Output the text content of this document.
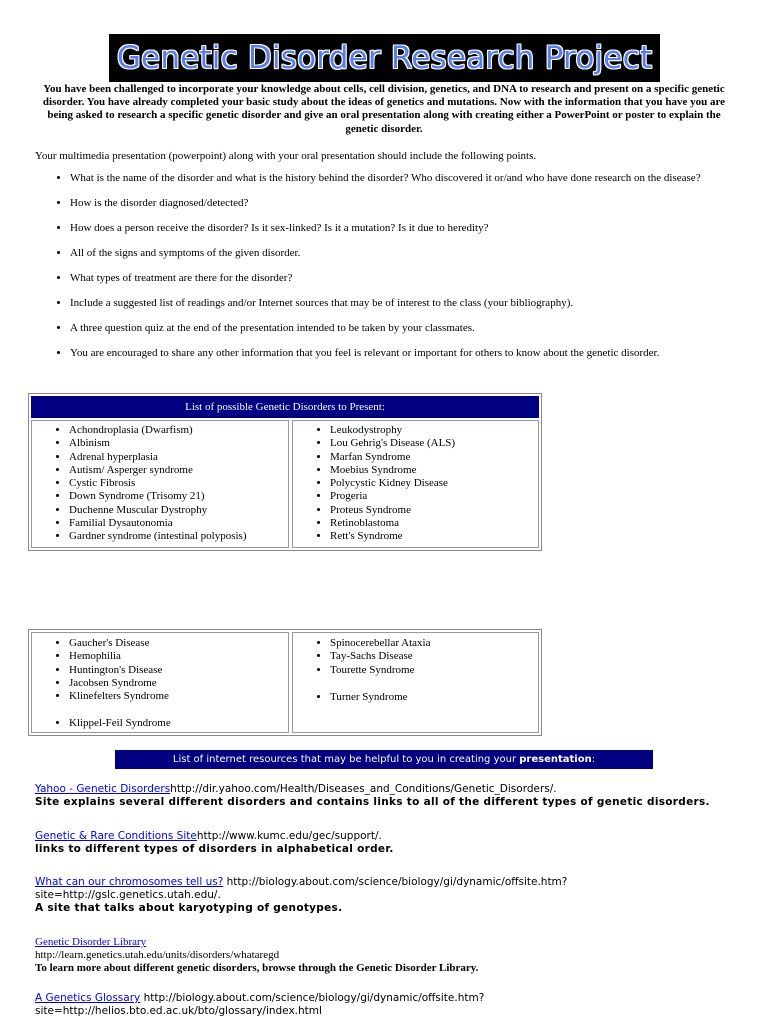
Genetic Disorder Research Project
You have been challenged to incorporate your knowledge about cells, cell division, genetics, and DNA to research and present on a specific genetic disorder. You have already completed your basic study about the ideas of genetics and mutations. Now with the information that you have you are being asked to research a specific genetic disorder and give an oral presentation along with creating either a PowerPoint or poster to explain the genetic disorder.
Your multimedia presentation (powerpoint) along with your oral presentation should include the following points.
• What is the name of the disorder and what is the history behind the disorder? Who discovered it or/and who have done research on the disease?
• How is the disorder diagnosed/detected?
• How does a person receive the disorder? Is it sex-linked? Is it a mutation? Is it due to heredity?
• All of the signs and symptoms of the given disorder.
• What types of treatment are there for the disorder?
• Include a suggested list of readings and/or Internet sources that may be of interest to the class (your bibliography).
• A three question quiz at the end of the presentation intended to be taken by your classmates.
• You are encouraged to share any other information that you feel is relevant or important for others to know about the genetic disorder.
List of possible Genetic Disorders to Present:
• Achondroplasia (Dwarfism)
• Albinism
• Adrenal hyperplasia
• Autism/ Asperger syndrome
• Cystic Fibrosis
• Down Syndrome (Trisomy 21)
• Duchenne Muscular Dystrophy
• Familial Dysautonomia
• Gardner syndrome (intestinal polyposis)
• Leukodystrophy
• Lou Gehrig's Disease (ALS)
• Marfan Syndrome
• Moebius Syndrome
• Polycystic Kidney Disease
• Progeria
• Proteus Syndrome
• Retinoblastoma
• Rett's Syndrome
• Gaucher's Disease
• Hemophilia
• Huntington's Disease
• Jacobsen Syndrome
• Klinefelters Syndrome
• Klippel-Feil Syndrome
• Spinocerebellar Ataxia
• Tay-Sachs Disease
• Tourette Syndrome
• Turner Syndrome
List of internet resources that may be helpful to you in creating your presentation:
Yahoo - Genetic Disordershttp://dir.yahoo.com/Health/Diseases_and_Conditions/Genetic_Disorders/.
Site explains several different disorders and contains links to all of the different types of genetic disorders.
Genetic & Rare Conditions Sitehttp://www.kumc.edu/gec/support/.
links to different types of disorders in alphabetical order.
What can our chromosomes tell us? http://biology.about.com/science/biology/gi/dynamic/offsite.htm?site=http://gslc.genetics.utah.edu/.
A site that talks about karyotyping of genotypes.
Genetic Disorder Library
http://learn.genetics.utah.edu/units/disorders/whataregd
To learn more about different genetic disorders, browse through the Genetic Disorder Library.
A Genetics Glossary http://biology.about.com/science/biology/gi/dynamic/offsite.htm?site=http://helios.bto.ed.ac.uk/bto/glossary/index.html
